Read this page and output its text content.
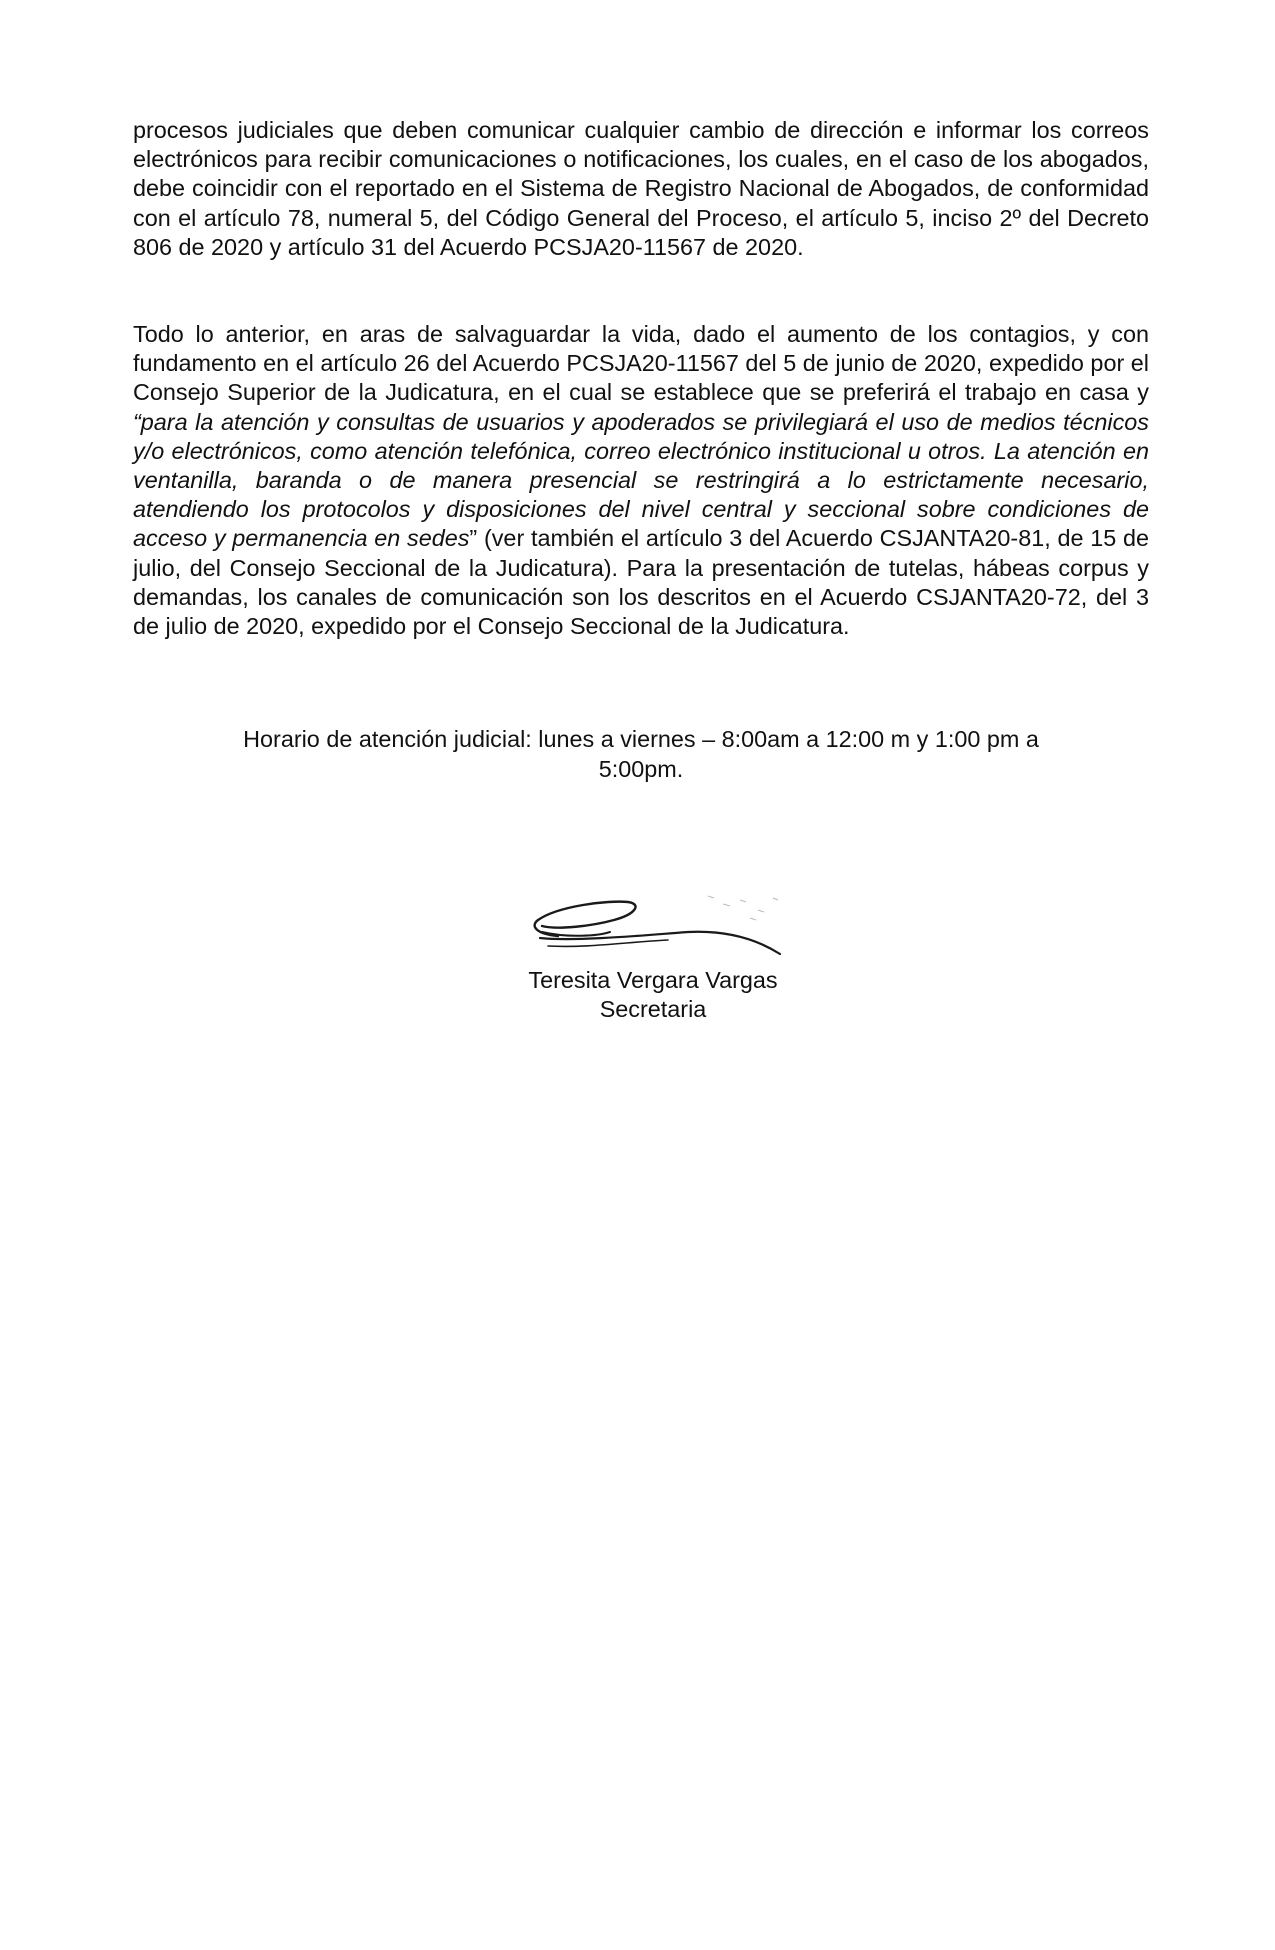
procesos judiciales que deben comunicar cualquier cambio de dirección e informar los correos electrónicos para recibir comunicaciones o notificaciones, los cuales, en el caso de los abogados, debe coincidir con el reportado en el Sistema de Registro Nacional de Abogados, de conformidad con el artículo 78, numeral 5, del Código General del Proceso, el artículo 5, inciso 2º del Decreto 806 de 2020 y artículo 31 del Acuerdo PCSJA20-11567 de 2020.

Todo lo anterior, en aras de salvaguardar la vida, dado el aumento de los contagios, y con fundamento en el artículo 26 del Acuerdo PCSJA20-11567 del 5 de junio de 2020, expedido por el Consejo Superior de la Judicatura, en el cual se establece que se preferirá el trabajo en casa y “para la atención y consultas de usuarios y apoderados se privilegiará el uso de medios técnicos y/o electrónicos, como atención telefónica, correo electrónico institucional u otros. La atención en ventanilla, baranda o de manera presencial se restringirá a lo estrictamente necesario, atendiendo los protocolos y disposiciones del nivel central y seccional sobre condiciones de acceso y permanencia en sedes” (ver también el artículo 3 del Acuerdo CSJANTA20-81, de 15 de julio, del Consejo Seccional de la Judicatura). Para la presentación de tutelas, hábeas corpus y demandas, los canales de comunicación son los descritos en el Acuerdo CSJANTA20-72, del 3 de julio de 2020, expedido por el Consejo Seccional de la Judicatura.

Horario de atención judicial: lunes a viernes – 8:00am a 12:00 m y 1:00 pm a
5:00pm.

Teresita Vergara Vargas
Secretaria
